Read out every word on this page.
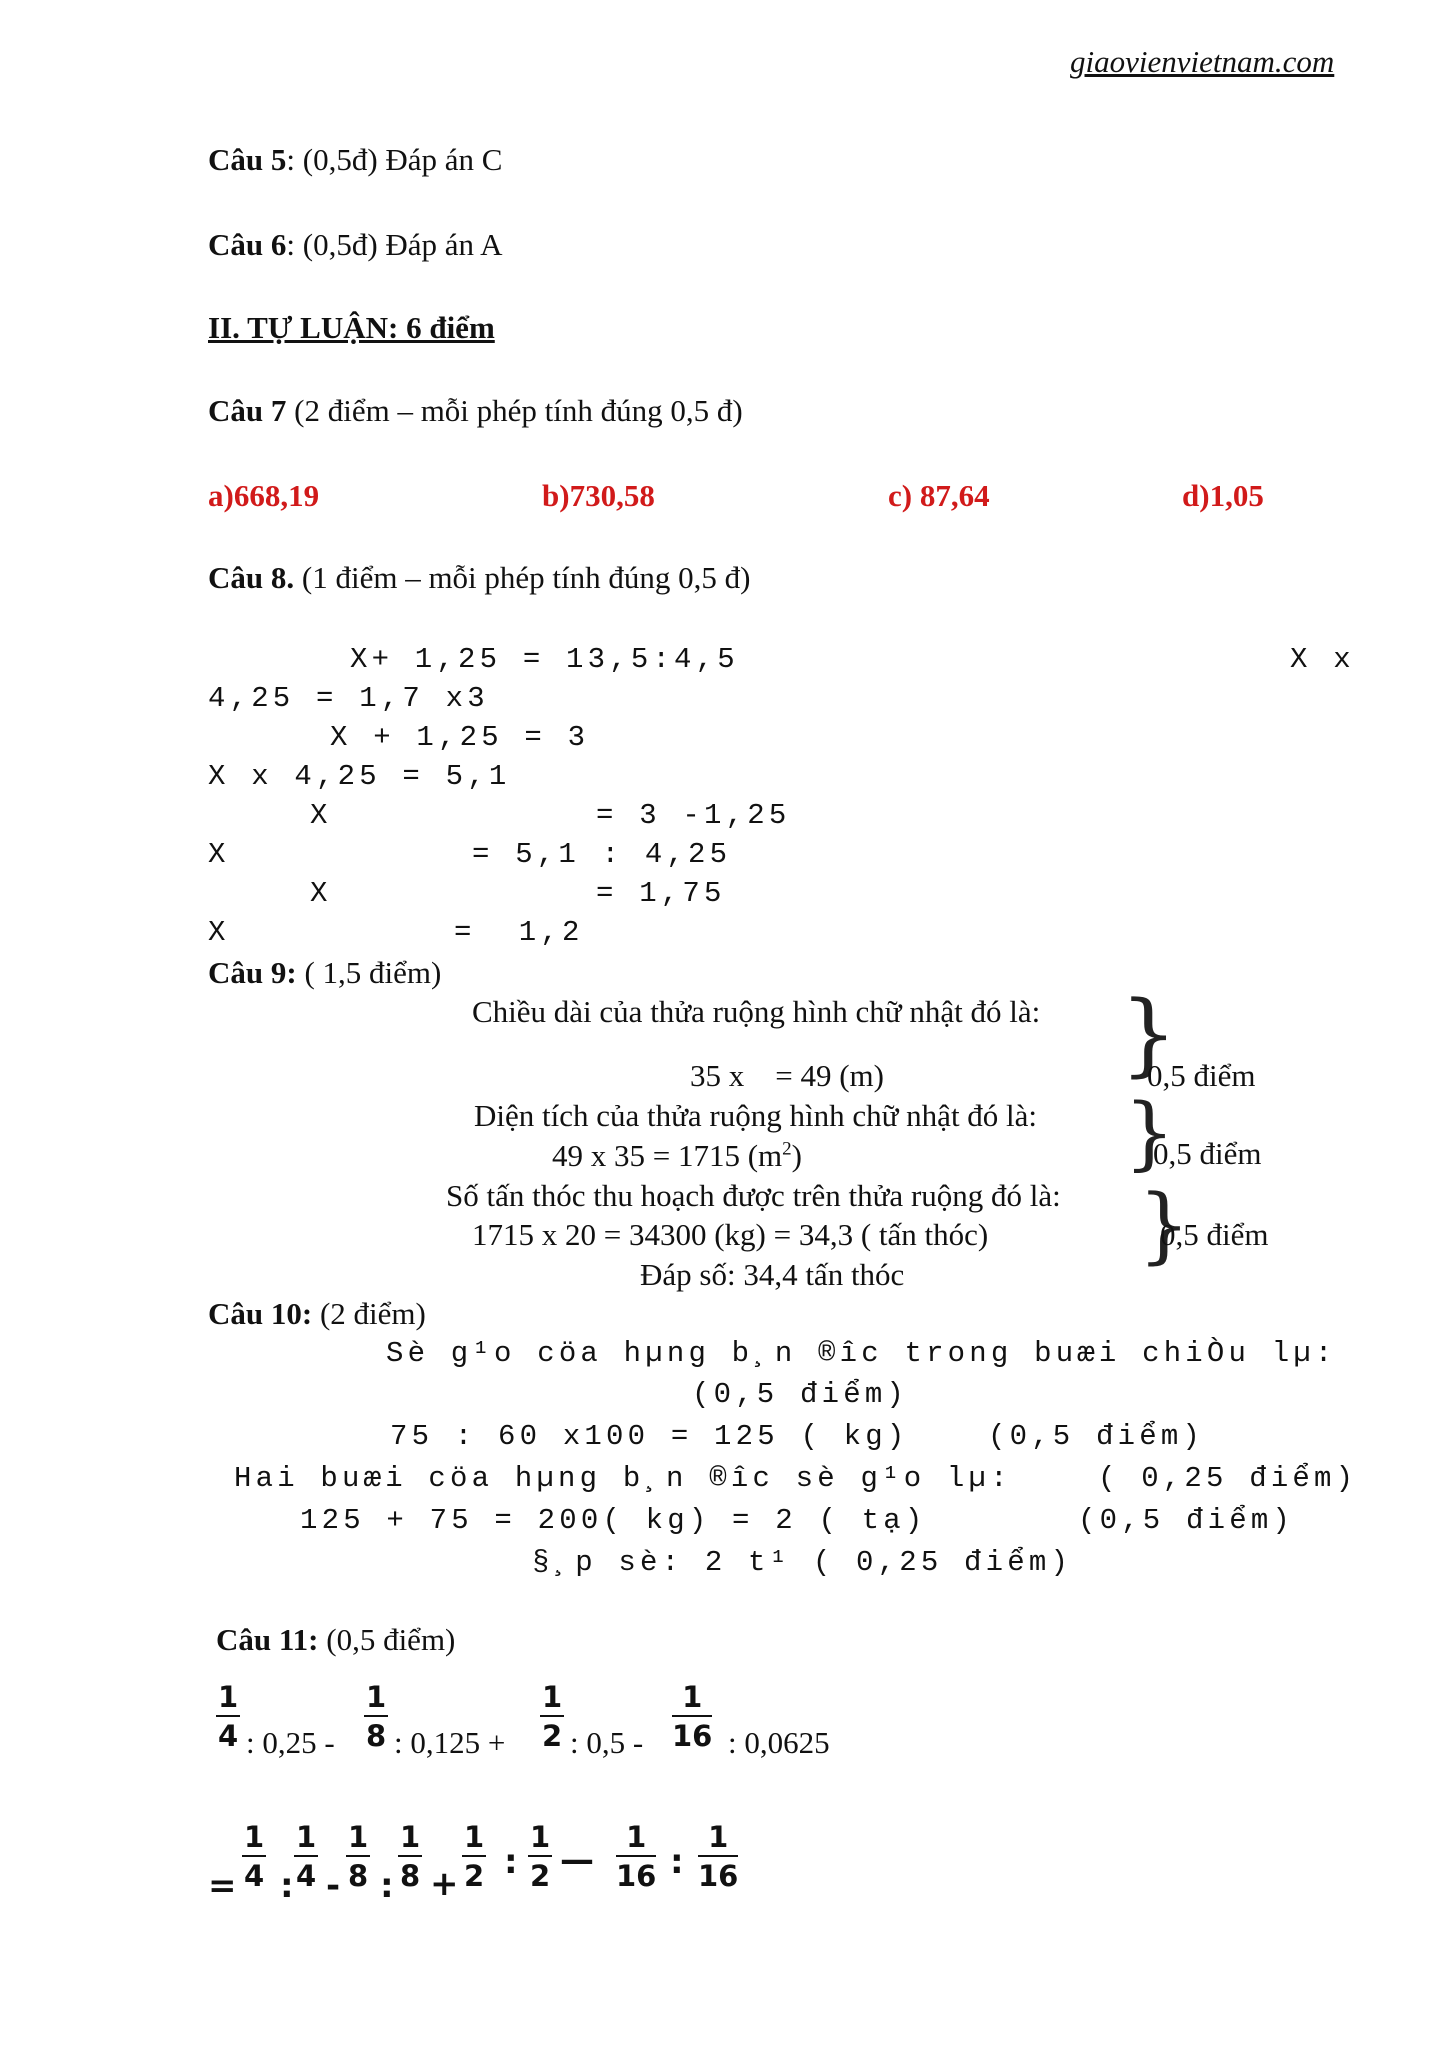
giaovienvietnam.com
Câu 5: (0,5đ) Đáp án C
Câu 6: (0,5đ) Đáp án A
II. TỰ LUẬN: 6 điểm
Câu 7 (2 điểm – mỗi phép tính đúng 0,5 đ)
a)668,19	b)730,58	c) 87,64	d)1,05
Câu 8. (1 điểm – mỗi phép tính đúng 0,5 đ)
X+ 1,25 = 13,5:4,5	X x
4,25 = 1,7 x3
X + 1,25 = 3
X x 4,25 = 5,1
X	= 3 -1,25
X	= 5,1 : 4,25
X	= 1,75
X	=  1,2
Câu 9: ( 1,5 điểm)
Chiều dài của thửa ruộng hình chữ nhật đó là:
35 x    = 49 (m)
Diện tích của thửa ruộng hình chữ nhật đó là:
49 x 35 = 1715 $(m^2)$
Số tấn thóc thu hoạch được trên thửa ruộng đó là:
1715 x 20 = 34300 (kg) = 34,3 ( tấn thóc)
Đáp số: 34,4 tấn thóc
}
0,5 điểm
}
0,5 điểm
}
0,5 điểm
Câu 10: (2 điểm)
Sè g¹o cöa hµng b¸n ®îc trong buæi chiÒu lµ:
(0,5 điểm)
75 : 60 x100 = 125 ( kg)	(0,5 điểm)
Hai buæi cöa hµng b¸n ®îc sè g¹o lµ:	( 0,25 điểm)
125 + 75 = 200( kg) = 2 ( tạ)	(0,5 điểm)
§¸p sè: 2 t¹ ( 0,25 điểm)
Câu 11: (0,5 điểm)
1
4 : 0,25 -
1
8 : 0,125 +
1
2 : 0,5 -
1
16 : 0,0625
=
1
4 :
1
4 -
1
8 :
1
8 +
1
2 :
1
2 —
1
16 :
1
16
